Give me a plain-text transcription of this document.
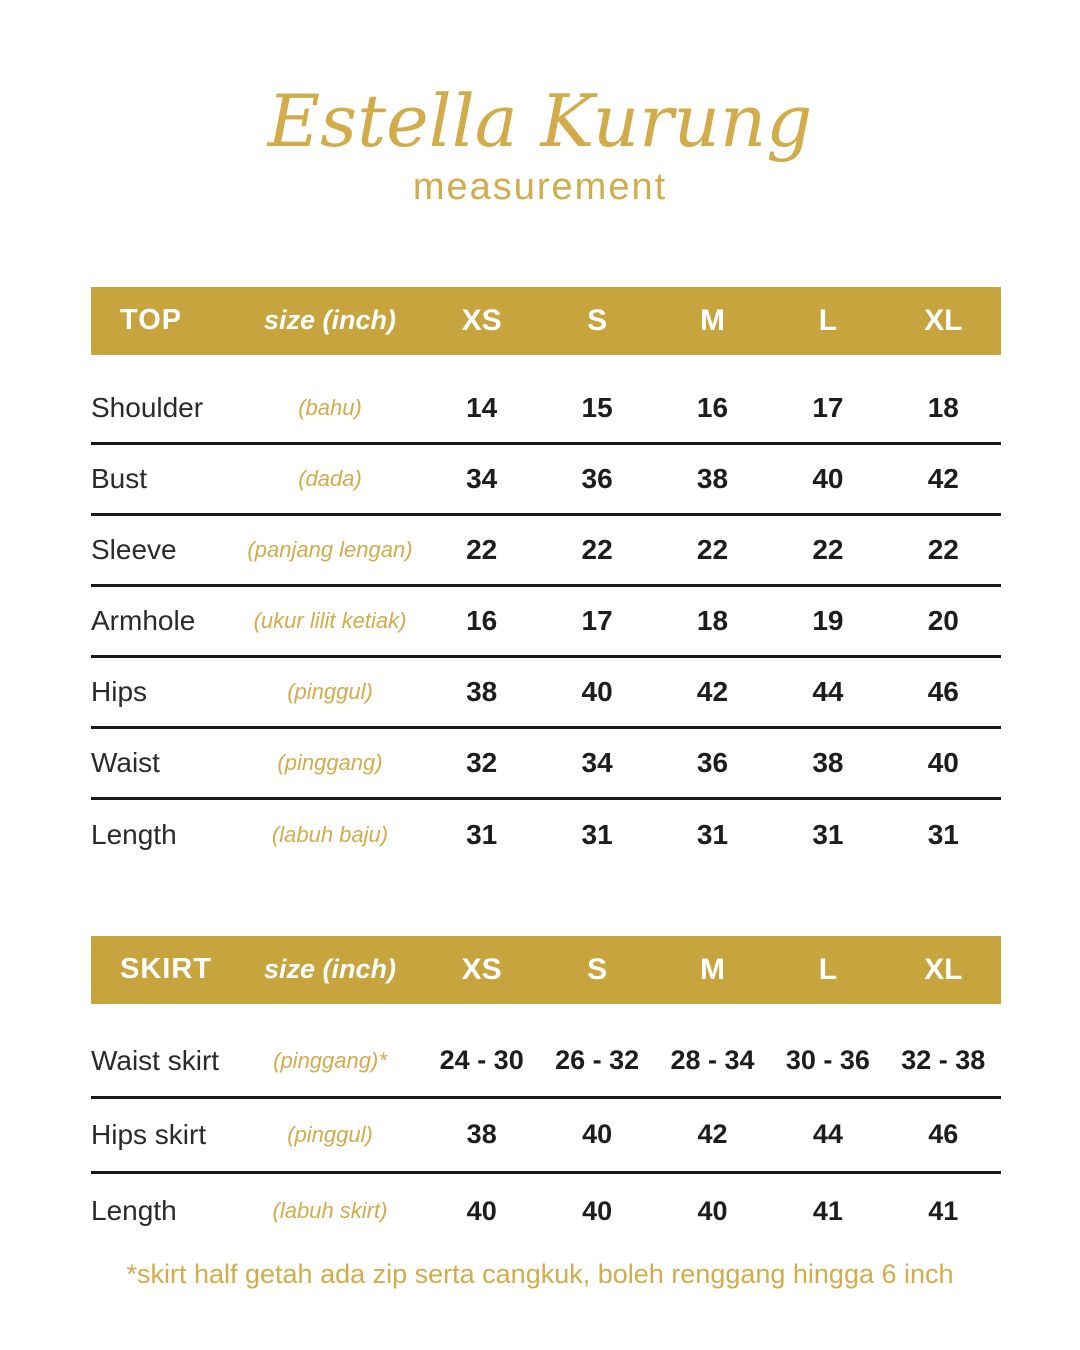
Estella Kurung
measurement
TOP	size (inch)	XS	S	M	L	XL
Shoulder	(bahu)	14	15	16	17	18
Bust	(dada)	34	36	38	40	42
Sleeve	(panjang lengan)	22	22	22	22	22
Armhole	(ukur lilit ketiak)	16	17	18	19	20
Hips	(pinggul)	38	40	42	44	46
Waist	(pinggang)	32	34	36	38	40
Length	(labuh baju)	31	31	31	31	31
SKIRT	size (inch)	XS	S	M	L	XL
Waist skirt	(pinggang)*	24 - 30	26 - 32	28 - 34	30 - 36	32 - 38
Hips skirt	(pinggul)	38	40	42	44	46
Length	(labuh skirt)	40	40	40	41	41
*skirt half getah ada zip serta cangkuk, boleh renggang hingga 6 inch
